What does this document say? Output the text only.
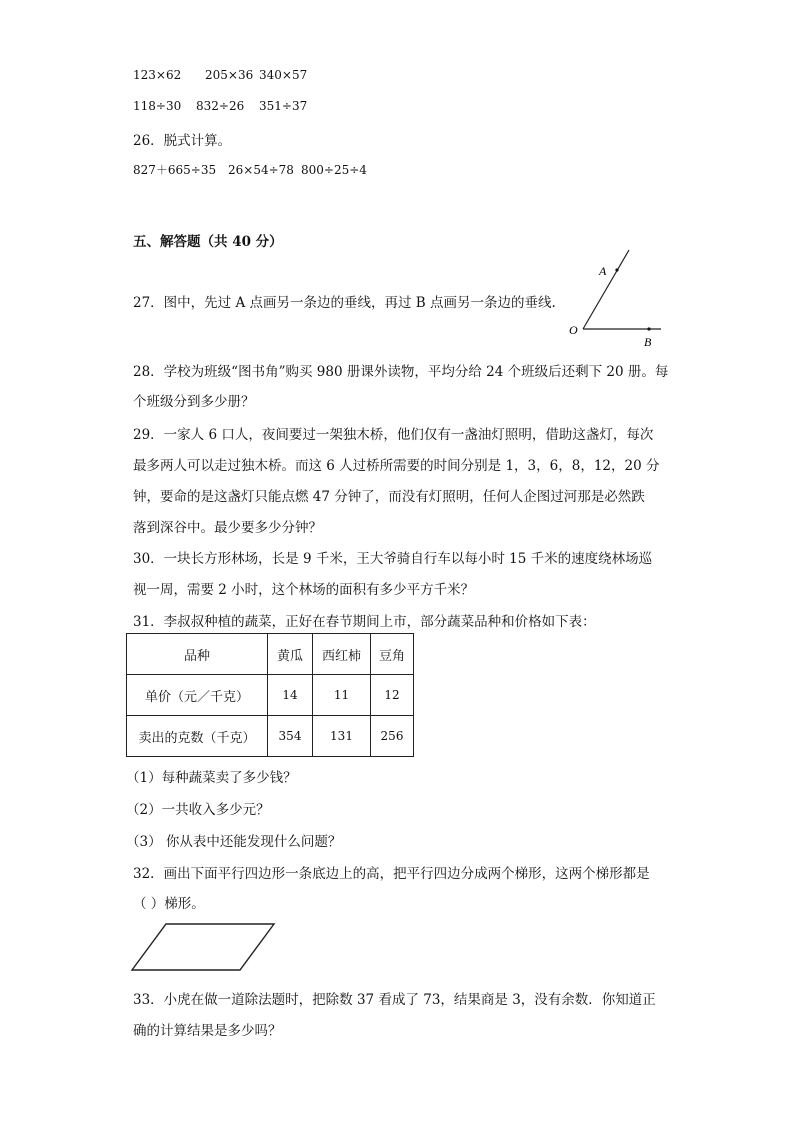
123×62 205×36 340×57
118÷30 832÷26 351÷37
26．脱式计算。
827＋665÷35 26×54÷78 800÷25÷4
五、解答题（共 40 分）
27．图中，先过 A 点画另一条边的垂线，再过 B 点画另一条边的垂线.
A
O
B
28．学校为班级“图书角”购买 980 册课外读物，平均分给 24 个班级后还剩下 20 册。每
个班级分到多少册？
29．一家人 6 口人，夜间要过一架独木桥，他们仅有一盏油灯照明，借助这盏灯，每次
最多两人可以走过独木桥。而这 6 人过桥所需要的时间分别是 1，3，6，8，12，20 分
钟，要命的是这盏灯只能点燃 47 分钟了，而没有灯照明，任何人企图过河那是必然跌
落到深谷中。最少要多少分钟？
30．一块长方形林场，长是 9 千米，王大爷骑自行车以每小时 15 千米的速度绕林场巡
视一周，需要 2 小时，这个林场的面积有多少平方千米？
31．李叔叔种植的蔬菜，正好在春节期间上市，部分蔬菜品种和价格如下表：
品种	黄瓜	西红柿	豆角
单价（元／千克）	14	11	12
卖出的克数（千克）	354	131	256
（1）每种蔬菜卖了多少钱？
（2）一共收入多少元？
（3） 你从表中还能发现什么问题？
32．画出下面平行四边形一条底边上的高，把平行四边分成两个梯形，这两个梯形都是
（ ）梯形。
33．小虎在做一道除法题时，把除数 37 看成了 73，结果商是 3，没有余数．你知道正
确的计算结果是多少吗？
